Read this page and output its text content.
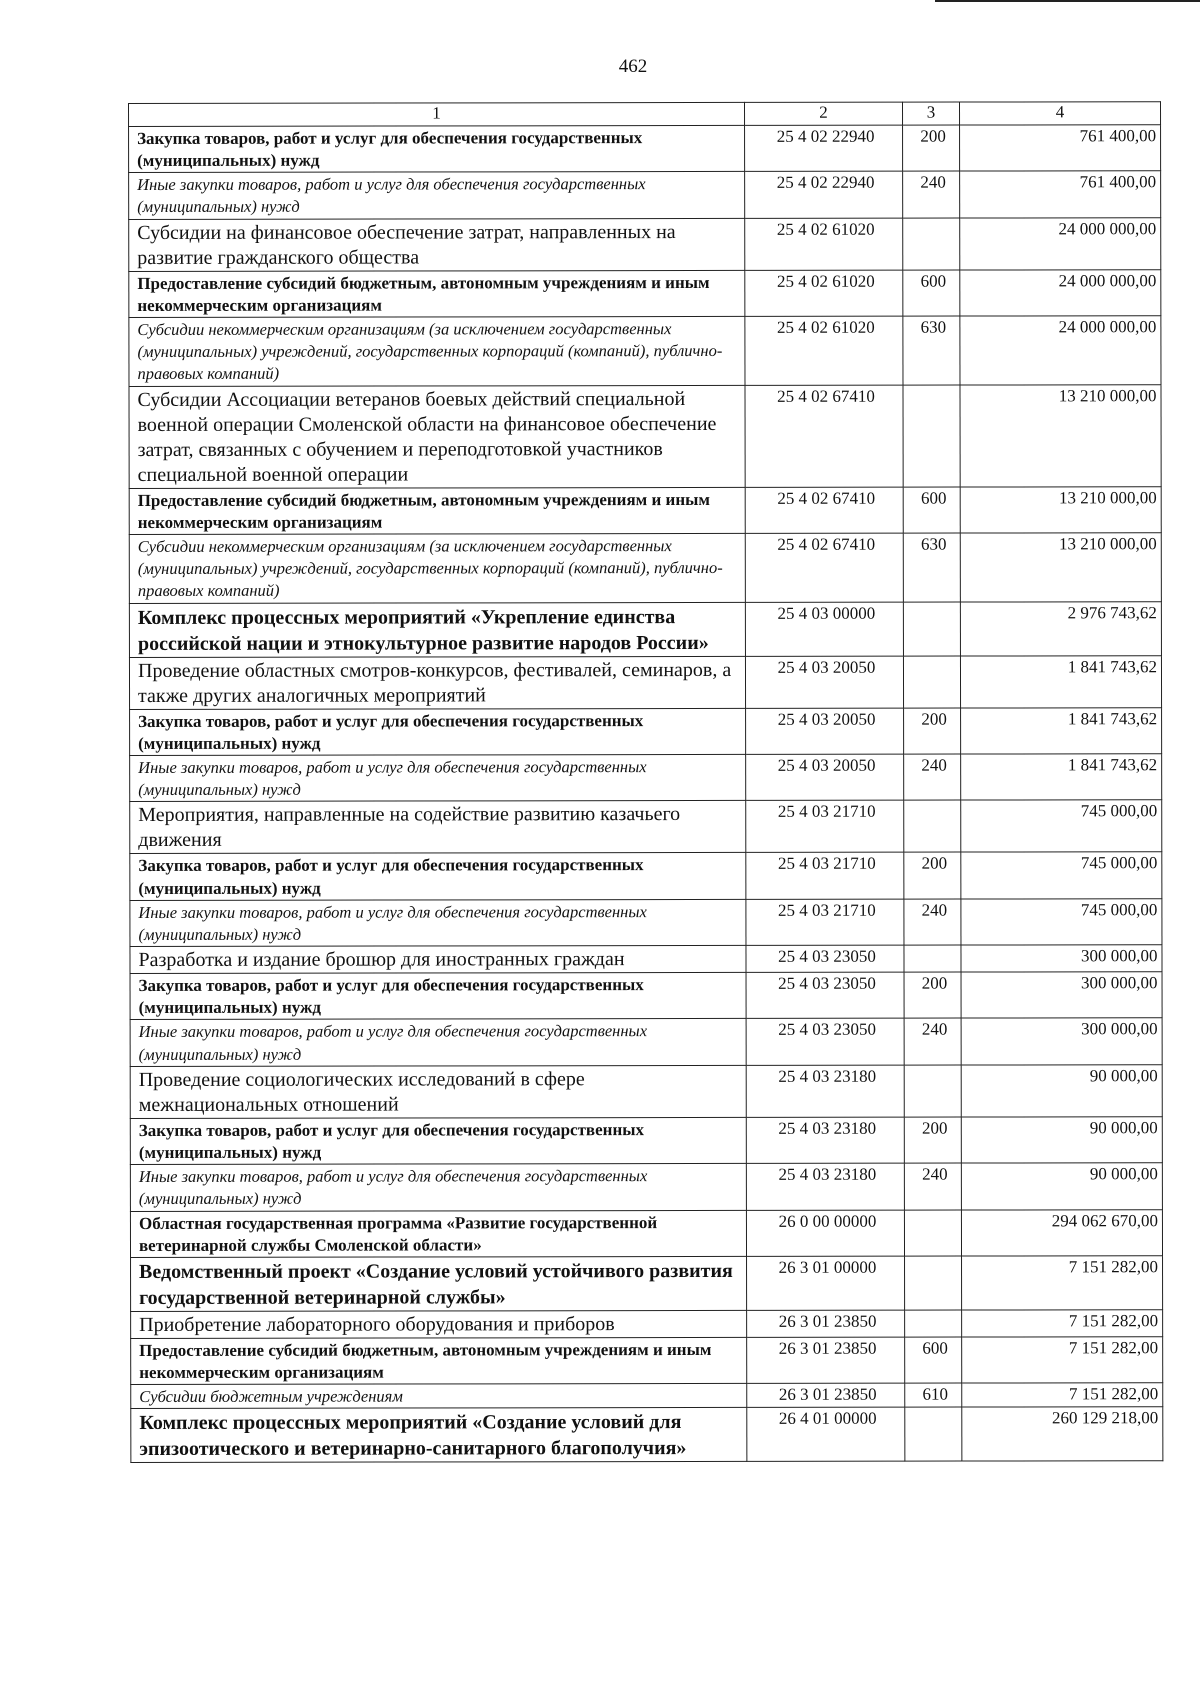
462
1	2	3	4
Закупка товаров, работ и услуг для обеспечения государственных (муниципальных) нужд	25 4 02 22940	200	761 400,00
Иные закупки товаров, работ и услуг для обеспечения государственных (муниципальных) нужд	25 4 02 22940	240	761 400,00
Субсидии на финансовое обеспечение затрат, направленных на развитие гражданского общества	25 4 02 61020		24 000 000,00
Предоставление субсидий бюджетным, автономным учреждениям и иным некоммерческим организациям	25 4 02 61020	600	24 000 000,00
Субсидии некоммерческим организациям (за исключением государственных (муниципальных) учреждений, государственных корпораций (компаний), публично-правовых компаний)	25 4 02 61020	630	24 000 000,00
Субсидии Ассоциации ветеранов боевых действий специальной военной операции Смоленской области на финансовое обеспечение затрат, связанных с обучением и переподготовкой участников специальной военной операции	25 4 02 67410		13 210 000,00
Предоставление субсидий бюджетным, автономным учреждениям и иным некоммерческим организациям	25 4 02 67410	600	13 210 000,00
Субсидии некоммерческим организациям (за исключением государственных (муниципальных) учреждений, государственных корпораций (компаний), публично-правовых компаний)	25 4 02 67410	630	13 210 000,00
Комплекс процессных мероприятий «Укрепление единства российской нации и этнокультурное развитие народов России»	25 4 03 00000		2 976 743,62
Проведение областных смотров-конкурсов, фестивалей, семинаров, а также других аналогичных мероприятий	25 4 03 20050		1 841 743,62
Закупка товаров, работ и услуг для обеспечения государственных (муниципальных) нужд	25 4 03 20050	200	1 841 743,62
Иные закупки товаров, работ и услуг для обеспечения государственных (муниципальных) нужд	25 4 03 20050	240	1 841 743,62
Мероприятия, направленные на содействие развитию казачьего движения	25 4 03 21710		745 000,00
Закупка товаров, работ и услуг для обеспечения государственных (муниципальных) нужд	25 4 03 21710	200	745 000,00
Иные закупки товаров, работ и услуг для обеспечения государственных (муниципальных) нужд	25 4 03 21710	240	745 000,00
Разработка и издание брошюр для иностранных граждан	25 4 03 23050		300 000,00
Закупка товаров, работ и услуг для обеспечения государственных (муниципальных) нужд	25 4 03 23050	200	300 000,00
Иные закупки товаров, работ и услуг для обеспечения государственных (муниципальных) нужд	25 4 03 23050	240	300 000,00
Проведение социологических исследований в сфере межнациональных отношений	25 4 03 23180		90 000,00
Закупка товаров, работ и услуг для обеспечения государственных (муниципальных) нужд	25 4 03 23180	200	90 000,00
Иные закупки товаров, работ и услуг для обеспечения государственных (муниципальных) нужд	25 4 03 23180	240	90 000,00
Областная государственная программа «Развитие государственной ветеринарной службы Смоленской области»	26 0 00 00000		294 062 670,00
Ведомственный проект «Создание условий устойчивого развития государственной ветеринарной службы»	26 3 01 00000		7 151 282,00
Приобретение лабораторного оборудования и приборов	26 3 01 23850		7 151 282,00
Предоставление субсидий бюджетным, автономным учреждениям и иным некоммерческим организациям	26 3 01 23850	600	7 151 282,00
Субсидии бюджетным учреждениям	26 3 01 23850	610	7 151 282,00
Комплекс процессных мероприятий «Создание условий для эпизоотического и ветеринарно-санитарного благополучия»	26 4 01 00000		260 129 218,00
